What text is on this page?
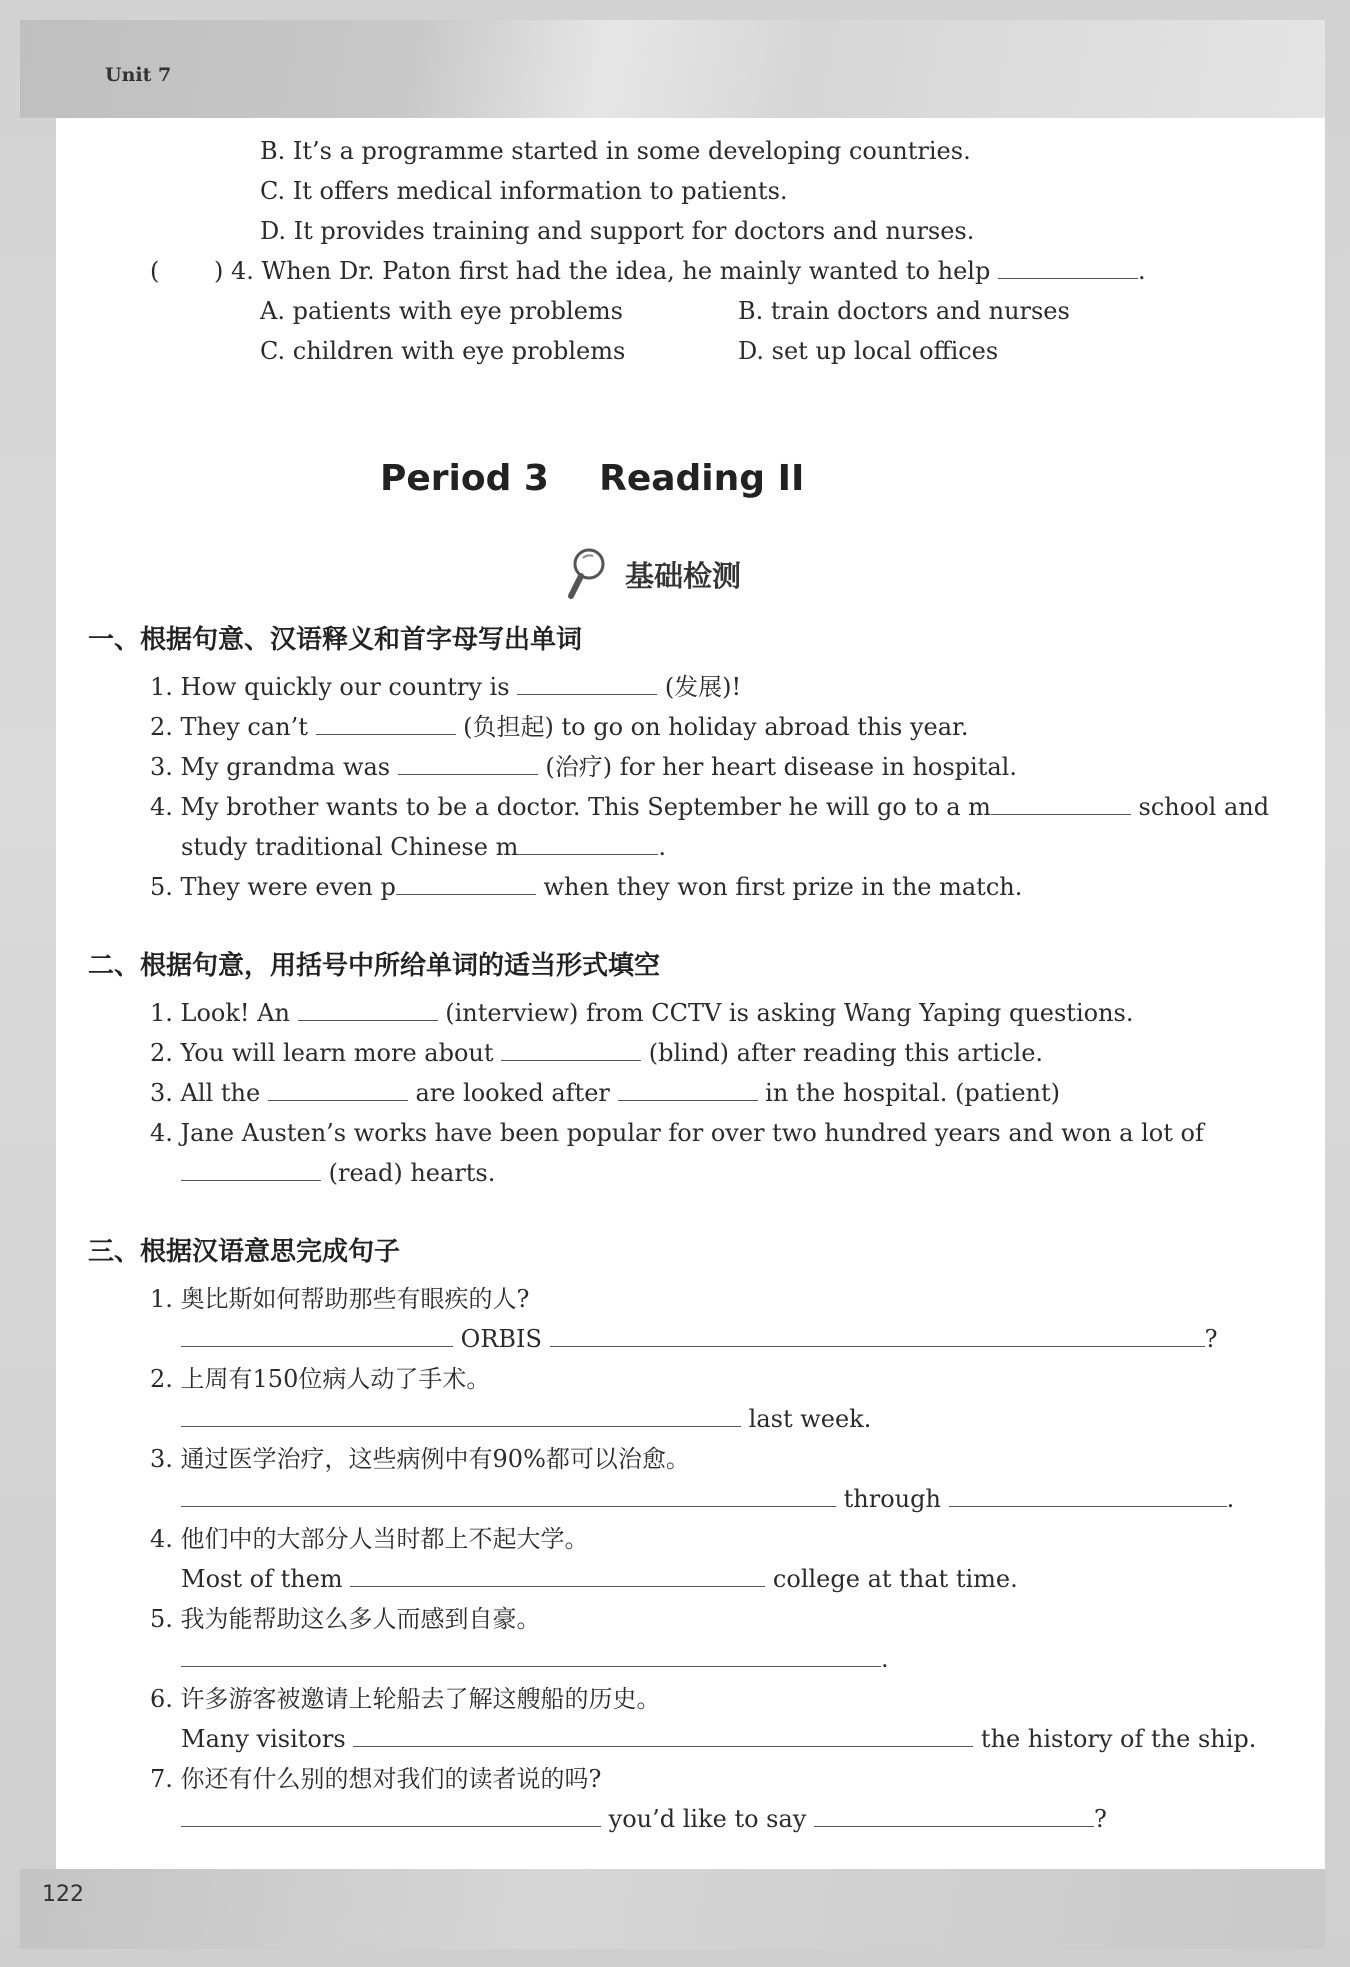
Unit 7
122
B. It’s a programme started in some developing countries.
C. It offers medical information to patients.
D. It provides training and support for doctors and nurses.
( ) 4. When Dr. Paton first had the idea, he mainly wanted to help	.
A. patients with eye problems	B. train doctors and nurses
C. children with eye problems	D. set up local offices
Period 3    Reading II
基础检测
一、根据句意、汉语释义和首字母写出单词
1. How quickly our country is	(发展)!
2. They can’t	(负担起) to go on holiday abroad this year.
3. My grandma was	(治疗) for her heart disease in hospital.
4. My brother wants to be a doctor. This September he will go to a m	school and
study traditional Chinese m	.
5. They were even p	when they won first prize in the match.
二、根据句意，用括号中所给单词的适当形式填空
1. Look! An	(interview) from CCTV is asking Wang Yaping questions.
2. You will learn more about	(blind) after reading this article.
3. All the	are looked after	in the hospital. (patient)
4. Jane Austen’s works have been popular for over two hundred years and won a lot of
(read) hearts.
三、根据汉语意思完成句子
1. 奥比斯如何帮助那些有眼疾的人?
ORBIS	?
2. 上周有150位病人动了手术。
last week.
3. 通过医学治疗，这些病例中有90%都可以治愈。
through	.
4. 他们中的大部分人当时都上不起大学。
Most of them	college at that time.
5. 我为能帮助这么多人而感到自豪。
.
6. 许多游客被邀请上轮船去了解这艘船的历史。
Many visitors	the history of the ship.
7. 你还有什么别的想对我们的读者说的吗?
you’d like to say	?
